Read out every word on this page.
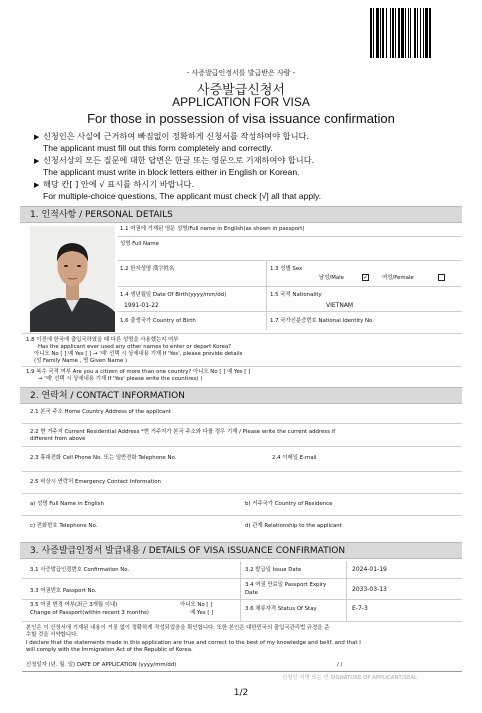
- 사증발급인정서를 발급받은 사람 -
사증발급신청서
APPLICATION FOR VISA
For those in possession of visa issuance confirmation
▶ 신청인은 사실에 근거하여 빠짐없이 정확하게 신청서를 작성하여야 합니다.
The applicant must fill out this form completely and correctly.
▶ 신청서상의 모든 질문에 대한 답변은 한글 또는 영문으로 기재하여야 합니다.
The applicant must write in block letters either in English or Korean.
▶ 해당 칸[ ] 안에 √ 표시를 하시기 바랍니다.
For multiple-choice questions, The applicant must check [√] all that apply.
1. 인적사항 / PERSONAL DETAILS
1.1 여권에 기재된 영문 성명/Full name in English(as shown in passport)
성명 Full Name
1.2 한자성명 漢字姓名	1.3 성별 Sex
남성/Male	✓	여성/Female
1.4 생년월일 Date Of Birth(yyyy/mm/dd)
1991-01-22
1.5 국적 Nationality
VIETNAM
1.6 출생국가 Country of Birth	1.7 국가신분증번호 National Identity No.
1.8 이전에 한국에 출입국하였을 때 다른 성명을 사용했는지 여부
Has the applicant ever used any other names to enter or depart Korea?
아니오 No [ ] 예 Yes [ ] → '예' 선택 시 상세내용 기재 If 'Yes', please provide details
(성 Family Name , 명 Given Name )
1.9 복수 국적 여부 Are you a citizen of more than one country? 아니오 No [ ] 예 Yes [ ]
→ '예' 선택 시 상세내용 기재 If 'Yes' please write the countires( )
2. 연락처 / CONTACT INFORMATION
2.1 본국 주소 Home Country Address of the applicant
2.2 현 거주지 Current Residential Address *현 거주지가 본국 주소와 다를 경우 기재 / Please write the current address if
different from above
2.3 휴대전화 Cell Phone No. 또는 일반전화 Telephone No.	2.4 이메일 E-mail
2.5 비상시 연락처 Emergency Contact Information
a) 성명 Full Name in English	b) 거주국가 Country of Residence
c) 전화번호 Telephone No.	d) 관계 Relationship to the applicant
3. 사증발급인정서 발급내용 / DETAILS OF VISA ISSUANCE CONFIRMATION
3.1 사증발급인정번호 Confirmation No.	3.2 발급일 Issue Date	2024-01-19
3.3 여권번호 Passport No.
3.4 여권 만료일 Passport Expiry
Date	2033-03-13
3.5 여권 변경 여부(최근 3개월 이내)
Change of Passport(within recent 3 months)
아니오 No [ ]
예 Yes [ ]
3.6 체류자격 Status Of Stay	E-7-3
본인은 이 신청서에 기재된 내용이 거짓 없이 정확하게 작성되었음을 확인합니다. 또한 본인은 대한민국의 출입국관리법 규정을 준
수할 것을 서약합니다.
I declare that the statements made in this application are true and correct to the best of my knowledge and belif, and that I
will comply with the Immigration Act of the Republic of Korea.
신청일자 (년. 월. 일) DATE OF APPLICATION (yyyy/mm/dd)	/ /
신청인 서명 또는 인 SIGNATURE OF APPLICANT/SEAL
1/2
